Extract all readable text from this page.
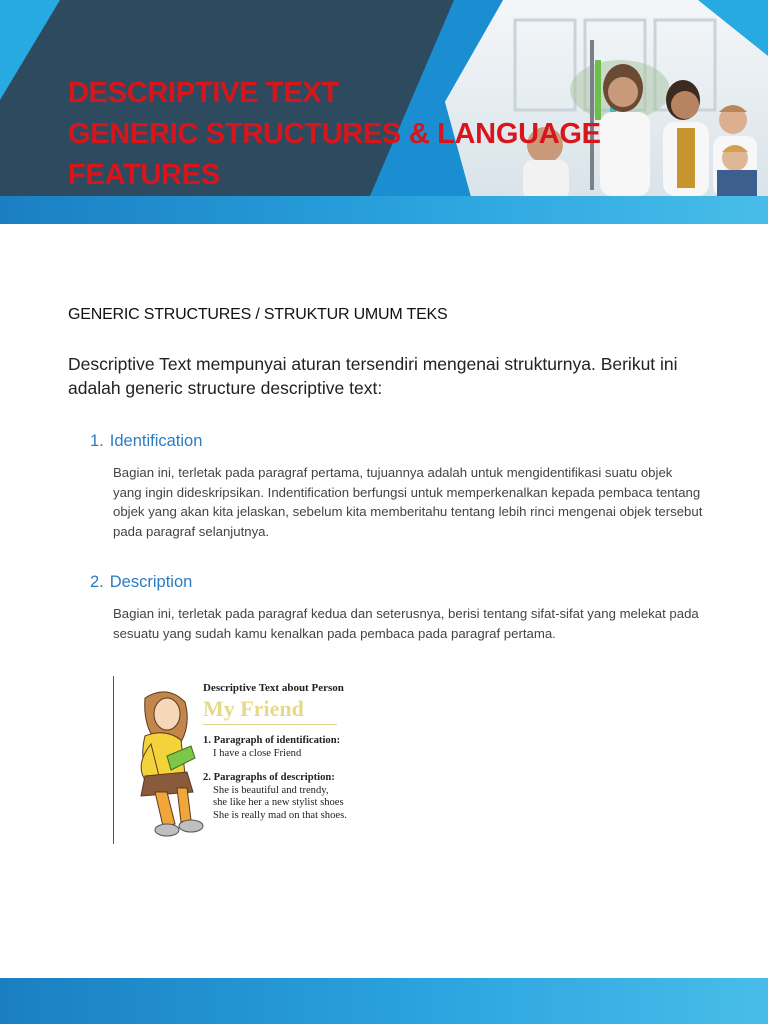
DESCRIPTIVE TEXT
GENERIC STRUCTURES & LANGUAGE
FEATURES
GENERIC STRUCTURES / STRUKTUR UMUM TEKS

Descriptive Text mempunyai aturan tersendiri mengenai strukturnya. Berikut ini adalah generic structure descriptive text:

1. Identification

Bagian ini, terletak pada paragraf pertama, tujuannya adalah untuk mengidentifikasi suatu objek yang ingin dideskripsikan. Indentification berfungsi untuk memperkenalkan kepada pembaca tentang objek yang akan kita jelaskan, sebelum kita memberitahu tentang lebih rinci mengenai objek tersebut pada paragraf selanjutnya.

2. Description

Bagian ini, terletak pada paragraf kedua dan seterusnya, berisi tentang sifat-sifat yang melekat pada sesuatu yang sudah kamu kenalkan pada pembaca pada paragraf pertama.

Descriptive Text about Person
My Friend
1. Paragraph of identification:
I have a close Friend
2. Paragraphs of description:
She is beautiful and trendy,
she like her a new stylist shoes
She is really mad on that shoes.
